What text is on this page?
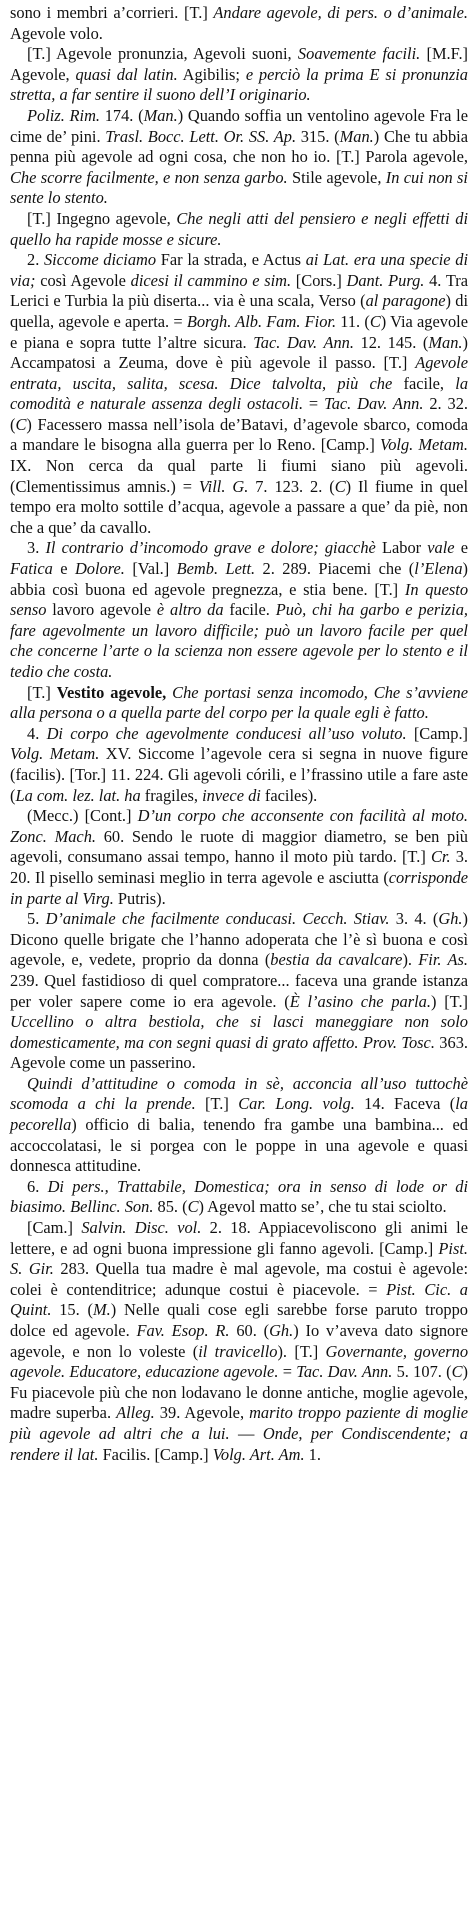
sono i membri a’corrieri. [T.] Andare agevole, di pers. o d’animale. Agevole volo.
[T.] Agevole pronunzia, Agevoli suoni, Soavemente facili. [M.F.] Agevole, quasi dal latin. Agibilis; e perciò la prima E si pronunzia stretta, a far sentire il suono dell’I originario.
Poliz. Rim. 174. (Man.) Quando soffia un ventolino agevole Fra le cime de’ pini. Trasl. Bocc. Lett. Or. SS. Ap. 315. (Man.) Che tu abbia penna più agevole ad ogni cosa, che non ho io. [T.] Parola agevole, Che scorre facilmente, e non senza garbo. Stile agevole, In cui non si sente lo stento.
[T.] Ingegno agevole, Che negli atti del pensiero e negli effetti di quello ha rapide mosse e sicure.
2. Siccome diciamo Far la strada, e Actus ai Lat. era una specie di via; così Agevole dicesi il cammino e sim. [Cors.] Dant. Purg. 4. Tra Lerici e Turbia la più diserta... via è una scala, Verso (al paragone) di quella, agevole e aperta. = Borgh. Alb. Fam. Fior. 11. (C) Via agevole e piana e sopra tutte l’altre sicura. Tac. Dav. Ann. 12. 145. (Man.) Accampatosi a Zeuma, dove è più agevole il passo. [T.] Agevole entrata, uscita, salita, scesa. Dice talvolta, più che facile, la comodità e naturale assenza degli ostacoli. = Tac. Dav. Ann. 2. 32. (C) Facessero massa nell’isola de’Batavi, d’agevole sbarco, comoda a mandare le bisogna alla guerra per lo Reno. [Camp.] Volg. Metam. IX. Non cerca da qual parte li fiumi siano più agevoli. (Clementissimus amnis.) = Vill. G. 7. 123. 2. (C) Il fiume in quel tempo era molto sottile d’acqua, agevole a passare a que’ da piè, non che a que’ da cavallo.
3. Il contrario d’incomodo grave e dolore; giacchè Labor vale e Fatica e Dolore. [Val.] Bemb. Lett. 2. 289. Piacemi che (l’Elena) abbia così buona ed agevole pregnezza, e stia bene. [T.] In questo senso lavoro agevole è altro da facile. Può, chi ha garbo e perizia, fare agevolmente un lavoro difficile; può un lavoro facile per quel che concerne l’arte o la scienza non essere agevole per lo stento e il tedio che costa.
[T.] Vestito agevole, Che portasi senza incomodo, Che s’avviene alla persona o a quella parte del corpo per la quale egli è fatto.
4. Di corpo che agevolmente conducesi all’uso voluto. [Camp.] Volg. Metam. XV. Siccome l’agevole cera si segna in nuove figure (facilis). [Tor.] 11. 224. Gli agevoli córili, e l’frassino utile a fare aste (La com. lez. lat. ha fragiles, invece di faciles).
(Mecc.) [Cont.] D’un corpo che acconsente con facilità al moto. Zonc. Mach. 60. Sendo le ruote di maggior diametro, se ben più agevoli, consumano assai tempo, hanno il moto più tardo. [T.] Cr. 3. 20. Il pisello seminasi meglio in terra agevole e asciutta (corrisponde in parte al Virg. Putris).
5. D’animale che facilmente conducasi. Cecch. Stiav. 3. 4. (Gh.) Dicono quelle brigate che l’hanno adoperata che l’è sì buona e così agevole, e, vedete, proprio da donna (bestia da cavalcare). Fir. As. 239. Quel fastidioso di quel compratore... faceva una grande istanza per voler sapere come io era agevole. (È l’asino che parla.) [T.] Uccellino o altra bestiola, che si lasci maneggiare non solo domesticamente, ma con segni quasi di grato affetto. Prov. Tosc. 363. Agevole come un passerino.
Quindi d’attitudine o comoda in sè, acconcia all’uso tuttochè scomoda a chi la prende. [T.] Car. Long. volg. 14. Faceva (la pecorella) officio di balia, tenendo fra gambe una bambina... ed accoccolatasi, le si porgea con le poppe in una agevole e quasi donnesca attitudine.
6. Di pers., Trattabile, Domestica; ora in senso di lode or di biasimo. Bellinc. Son. 85. (C) Agevol matto se’, che tu stai sciolto.
[Cam.] Salvin. Disc. vol. 2. 18. Appiacevoliscono gli animi le lettere, e ad ogni buona impressione gli fanno agevoli. [Camp.] Pist. S. Gir. 283. Quella tua madre è mal agevole, ma costui è agevole: colei è contenditrice; adunque costui è piacevole. = Pist. Cic. a Quint. 15. (M.) Nelle quali cose egli sarebbe forse paruto troppo dolce ed agevole. Fav. Esop. R. 60. (Gh.) Io v’aveva dato signore agevole, e non lo voleste (il travicello). [T.] Governante, governo agevole. Educatore, educazione agevole. = Tac. Dav. Ann. 5. 107. (C) Fu piacevole più che non lodavano le donne antiche, moglie agevole, madre superba. Alleg. 39. Agevole, marito troppo paziente di moglie più agevole ad altri che a lui. — Onde, per Condiscendente; a rendere il lat. Facilis. [Camp.] Volg. Art. Am. 1.
